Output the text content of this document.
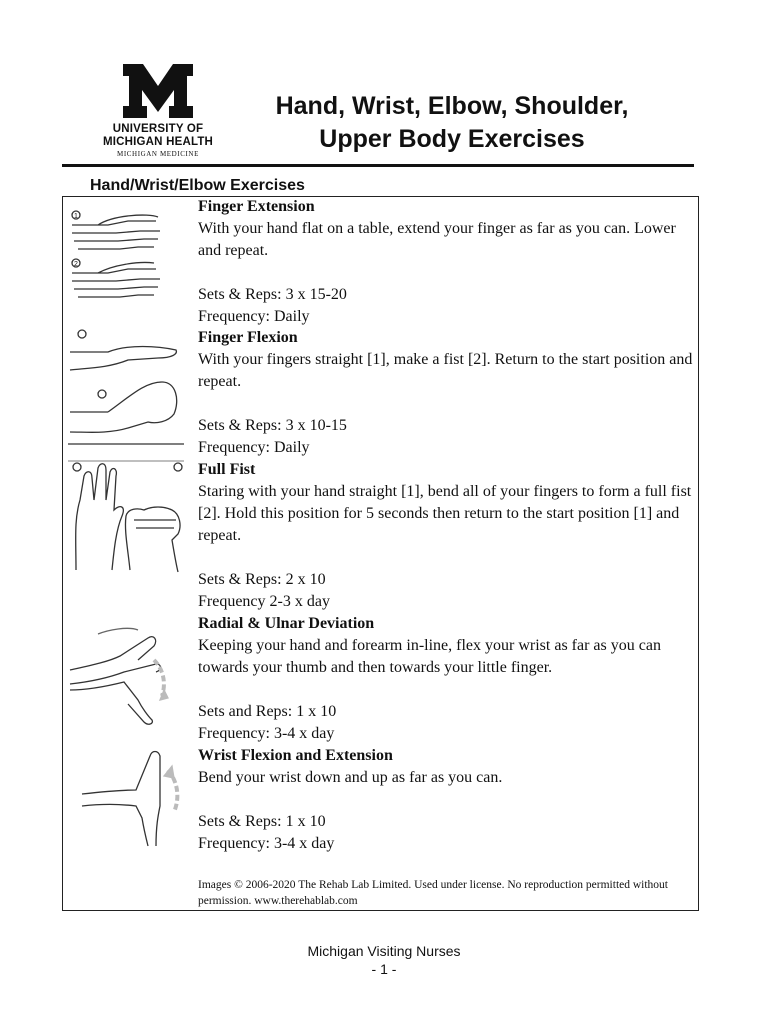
UNIVERSITY OF
MICHIGAN HEALTH
MICHIGAN MEDICINE
Hand, Wrist, Elbow, Shoulder,
Upper Body Exercises
Hand/Wrist/Elbow Exercises
1
2
Finger Extension
With your hand flat on a table, extend your finger as far as you can. Lower and repeat.
Sets & Reps: 3 x 15-20
Frequency: Daily
Finger Flexion
With your fingers straight [1], make a fist [2]. Return to the start position and repeat.
Sets & Reps: 3 x 10-15
Frequency: Daily
Full Fist
Staring with your hand straight [1], bend all of your fingers to form a full fist [2]. Hold this position for 5 seconds then return to the start position [1] and repeat.
Sets & Reps: 2 x 10
Frequency 2-3 x day
Radial & Ulnar Deviation
Keeping your hand and forearm in-line, flex your wrist as far as you can towards your thumb and then towards your little finger.
Sets and Reps: 1 x 10
Frequency: 3-4 x day
Wrist Flexion and Extension
Bend your wrist down and up as far as you can.
Sets & Reps: 1 x 10
Frequency: 3-4 x day
Images © 2006-2020 The Rehab Lab Limited. Used under license. No reproduction permitted without permission. www.therehablab.com
Michigan Visiting Nurses
- 1 -
